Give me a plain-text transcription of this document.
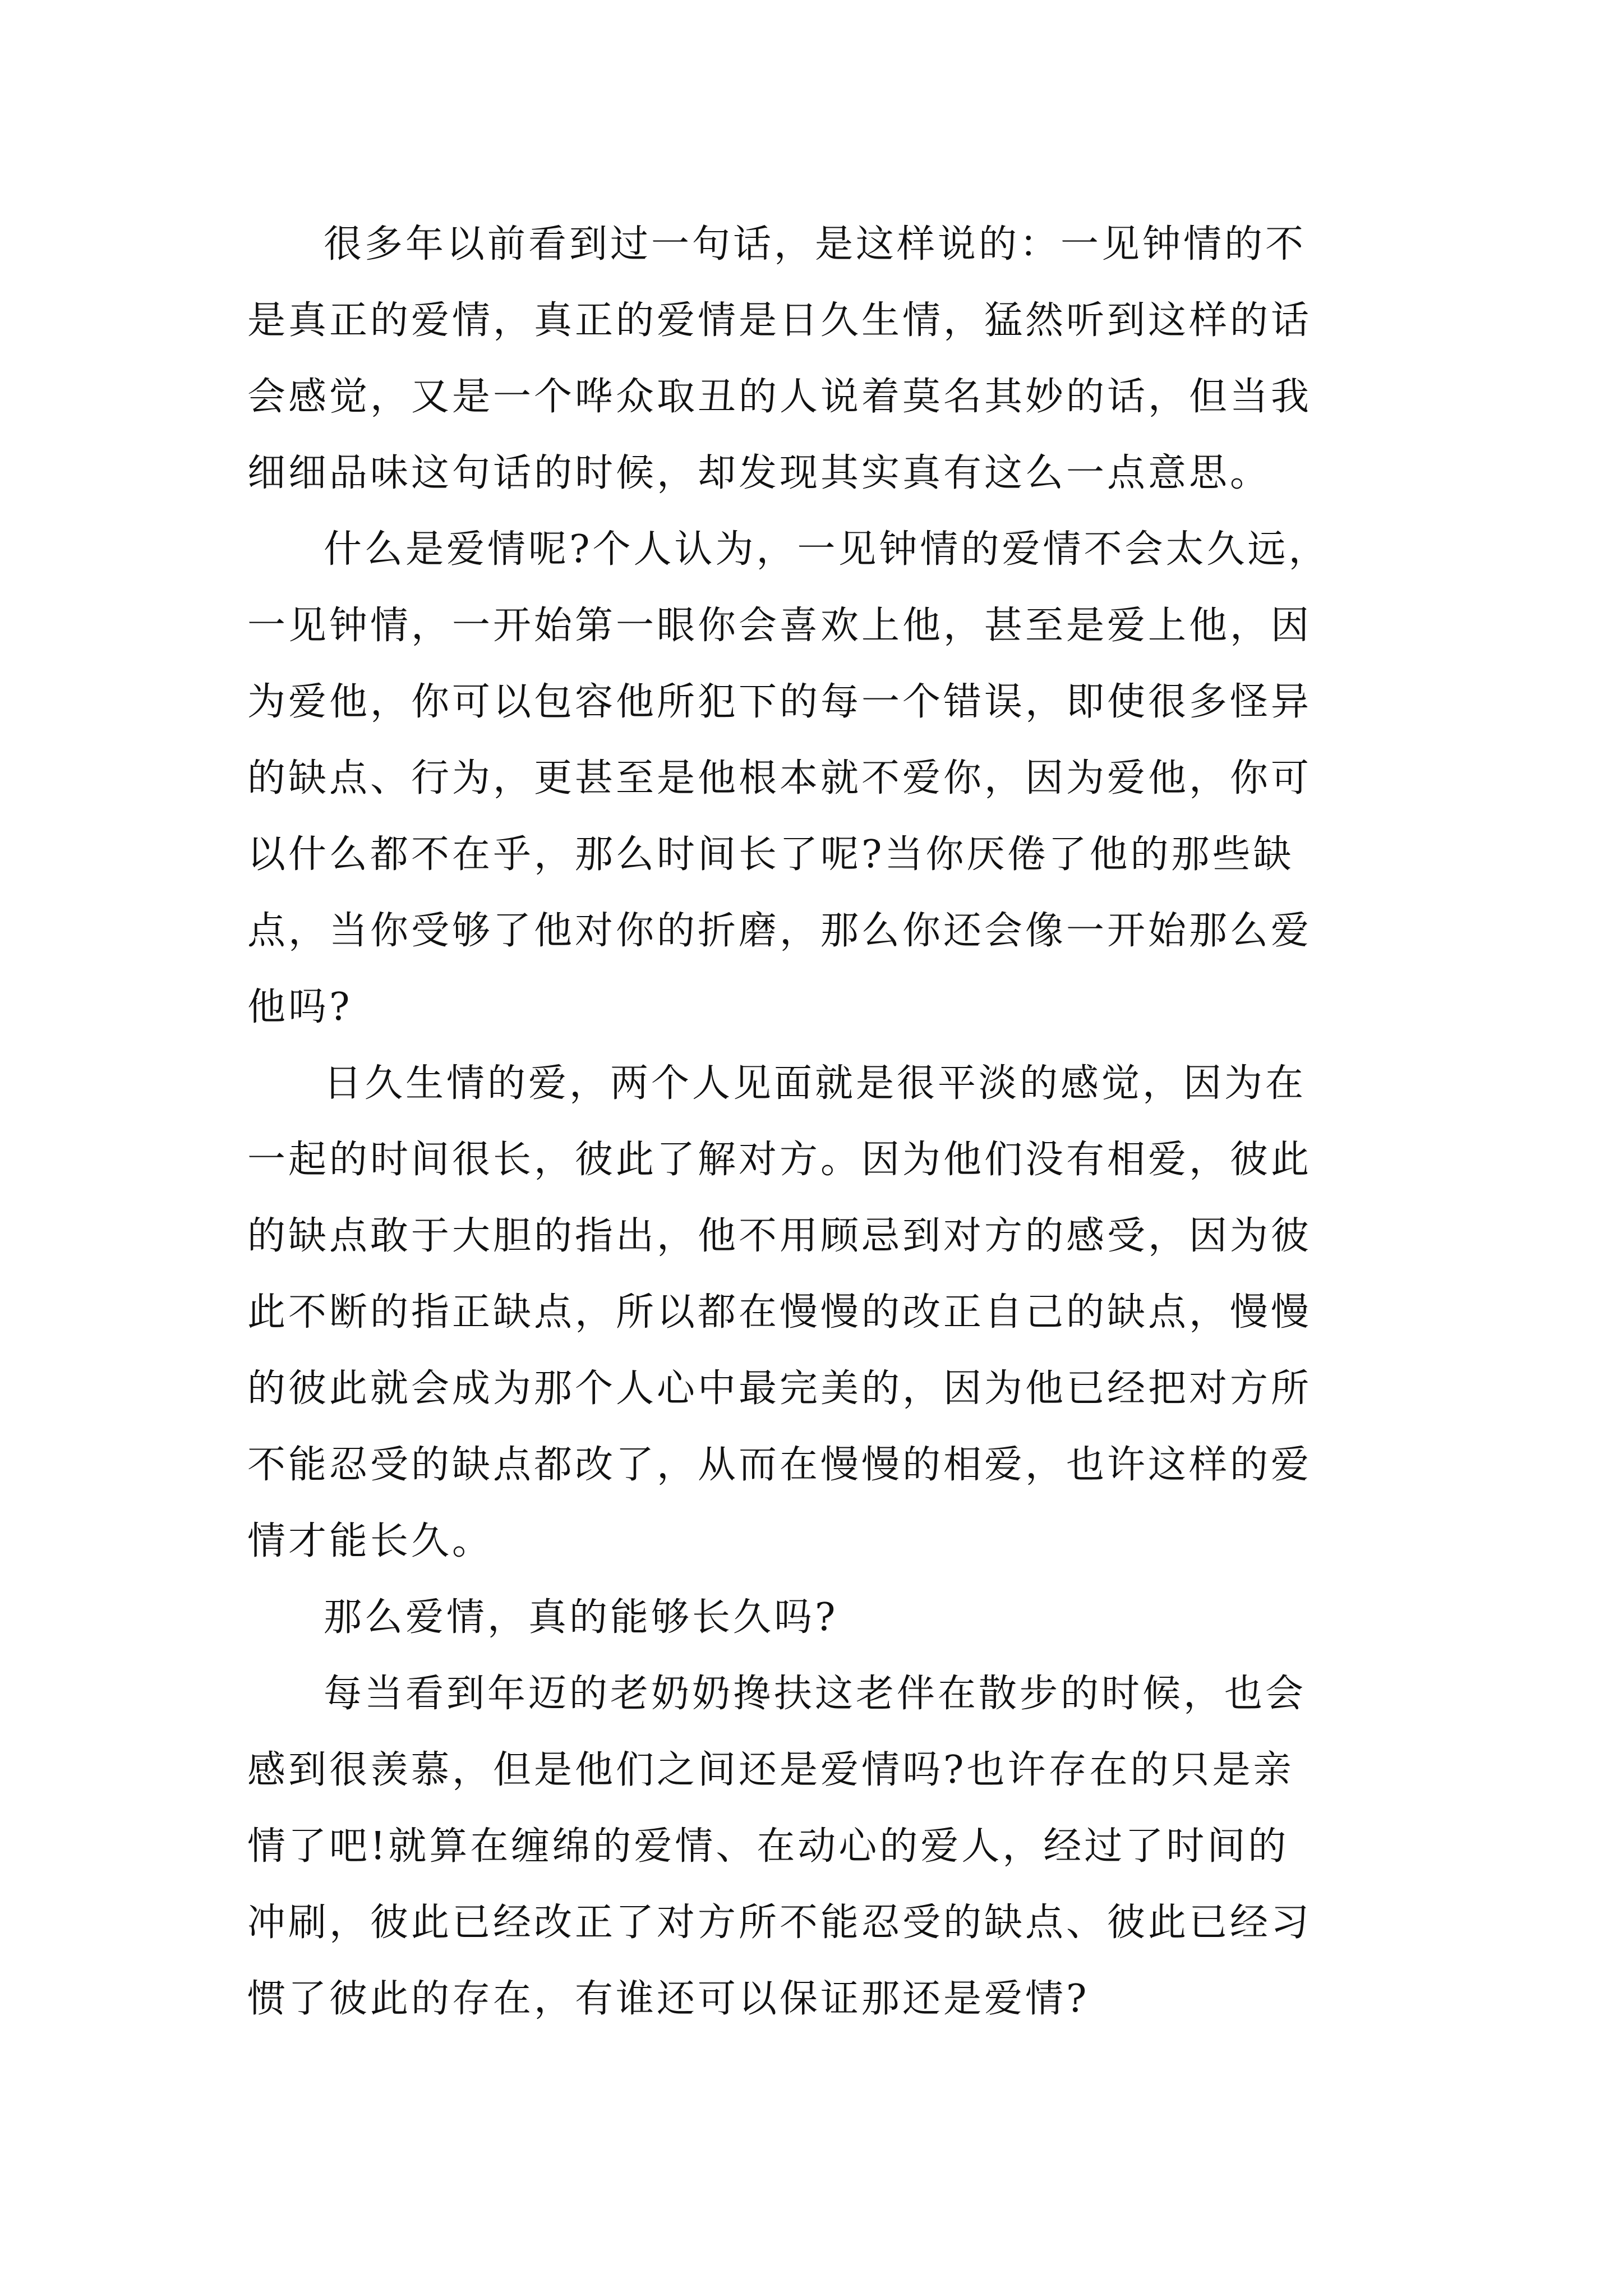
很多年以前看到过一句话，是这样说的：一见钟情的不
是真正的爱情，真正的爱情是日久生情，猛然听到这样的话
会感觉，又是一个哗众取丑的人说着莫名其妙的话，但当我
细细品味这句话的时候，却发现其实真有这么一点意思。

什么是爱情呢?个人认为，一见钟情的爱情不会太久远，
一见钟情，一开始第一眼你会喜欢上他，甚至是爱上他，因
为爱他，你可以包容他所犯下的每一个错误，即使很多怪异
的缺点、行为，更甚至是他根本就不爱你，因为爱他，你可
以什么都不在乎，那么时间长了呢?当你厌倦了他的那些缺
点，当你受够了他对你的折磨，那么你还会像一开始那么爱
他吗?

日久生情的爱，两个人见面就是很平淡的感觉，因为在
一起的时间很长，彼此了解对方。因为他们没有相爱，彼此
的缺点敢于大胆的指出，他不用顾忌到对方的感受，因为彼
此不断的指正缺点，所以都在慢慢的改正自己的缺点，慢慢
的彼此就会成为那个人心中最完美的，因为他已经把对方所
不能忍受的缺点都改了，从而在慢慢的相爱，也许这样的爱
情才能长久。

那么爱情，真的能够长久吗?

每当看到年迈的老奶奶搀扶这老伴在散步的时候，也会
感到很羡慕，但是他们之间还是爱情吗?也许存在的只是亲
情了吧!就算在缠绵的爱情、在动心的爱人，经过了时间的
冲刷，彼此已经改正了对方所不能忍受的缺点、彼此已经习
惯了彼此的存在，有谁还可以保证那还是爱情?
